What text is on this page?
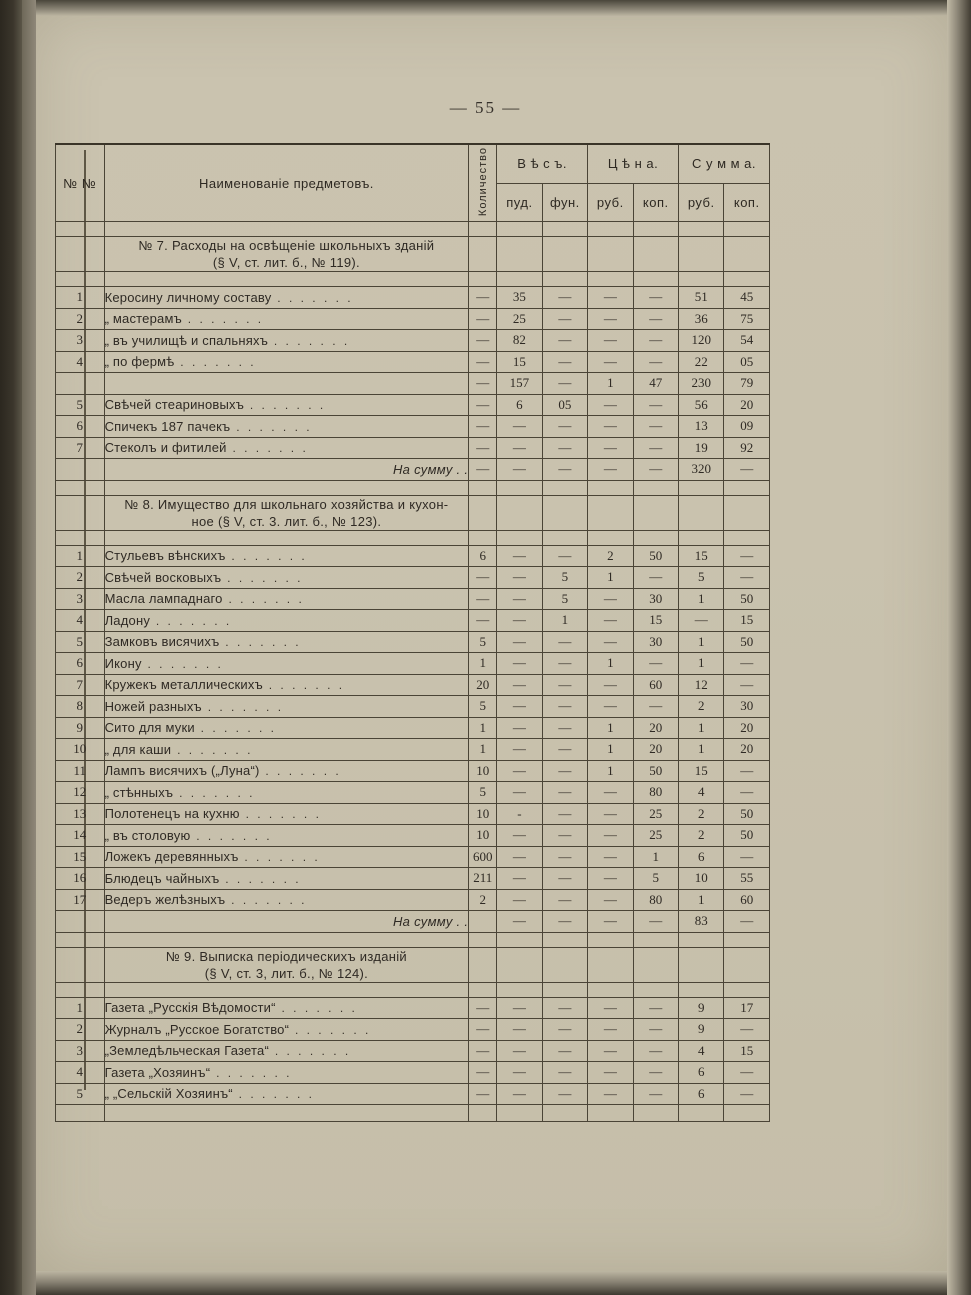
— 55 —
№ №	Наименованіе предметовъ.	Количество	В ѣ с ъ.		Ц ѣ н а.		С у м м а.	
			пуд.	фун.	руб.	коп.	руб.	коп.

	№ 7. Расходы на освѣщеніе школьныхъ зданій
(§ V, ст. лит. б., № 119).							

1	Керосину личному составу . . . . . . .	—	35	—	—	—	51	45
2	„ мастерамъ . . . . . . .	—	25	—	—	—	36	75
3	„ въ училищѣ и спальняхъ . . . . . . .	—	82	—	—	—	120	54
4	„ по фермѣ . . . . . . .	—	15	—	—	—	22	05
		—	157	—	1	47	230	79
5	Свѣчей стеариновыхъ . . . . . . .	—	6	05	—	—	56	20
6	Спичекъ 187 пачекъ . . . . . . .	—	—	—	—	—	13	09
7	Стеколъ и фитилей . . . . . . .	—	—	—	—	—	19	92
	На сумму . .	—	—	—	—	—	320	—

	№ 8. Имущество для школьнаго хозяйства и кухон-
ное (§ V, ст. 3. лит. б., № 123).							

1	Стульевъ вѣнскихъ . . . . . . .	6	—	—	2	50	15	—
2	Свѣчей восковыхъ . . . . . . .	—	—	5	1	—	5	—
3	Масла лампаднаго . . . . . . .	—	—	5	—	30	1	50
4	Ладону . . . . . . .	—	—	1	—	15	—	15
5	Замковъ висячихъ . . . . . . .	5	—	—	—	30	1	50
6	Икону . . . . . . .	1	—	—	1	—	1	—
7	Кружекъ металлическихъ . . . . . . .	20	—	—	—	60	12	—
8	Ножей разныхъ . . . . . . .	5	—	—	—	—	2	30
9	Сито для муки . . . . . . .	1	—	—	1	20	1	20
10	„ для каши . . . . . . .	1	—	—	1	20	1	20
11	Лампъ висячихъ („Луна“) . . . . . . .	10	—	—	1	50	15	—
12	„ стѣнныхъ . . . . . . .	5	—	—	—	80	4	—
13	Полотенецъ на кухню . . . . . . .	10	-	—	—	25	2	50
14	„ въ столовую . . . . . . .	10	—	—	—	25	2	50
15	Ложекъ деревянныхъ . . . . . . .	600	—	—	—	1	6	—
16	Блюдецъ чайныхъ . . . . . . .	211	—	—	—	5	10	55
17	Ведеръ желѣзныхъ . . . . . . .	2	—	—	—	80	1	60
	На сумму . .		—	—	—	—	83	—

	№ 9. Выписка періодическихъ изданій
(§ V, ст. 3, лит. б., № 124).							

1	Газета „Русскія Вѣдомости“ . . . . . . .	—	—	—	—	—	9	17
2	Журналъ „Русское Богатство“ . . . . . . .	—	—	—	—	—	9	—
3	„Земледѣльческая Газета“ . . . . . . .	—	—	—	—	—	4	15
4	Газета „Хозяинъ“ . . . . . . .	—	—	—	—	—	6	—
5	„ „Сельскій Хозяинъ“ . . . . . . .	—	—	—	—	—	6	—
